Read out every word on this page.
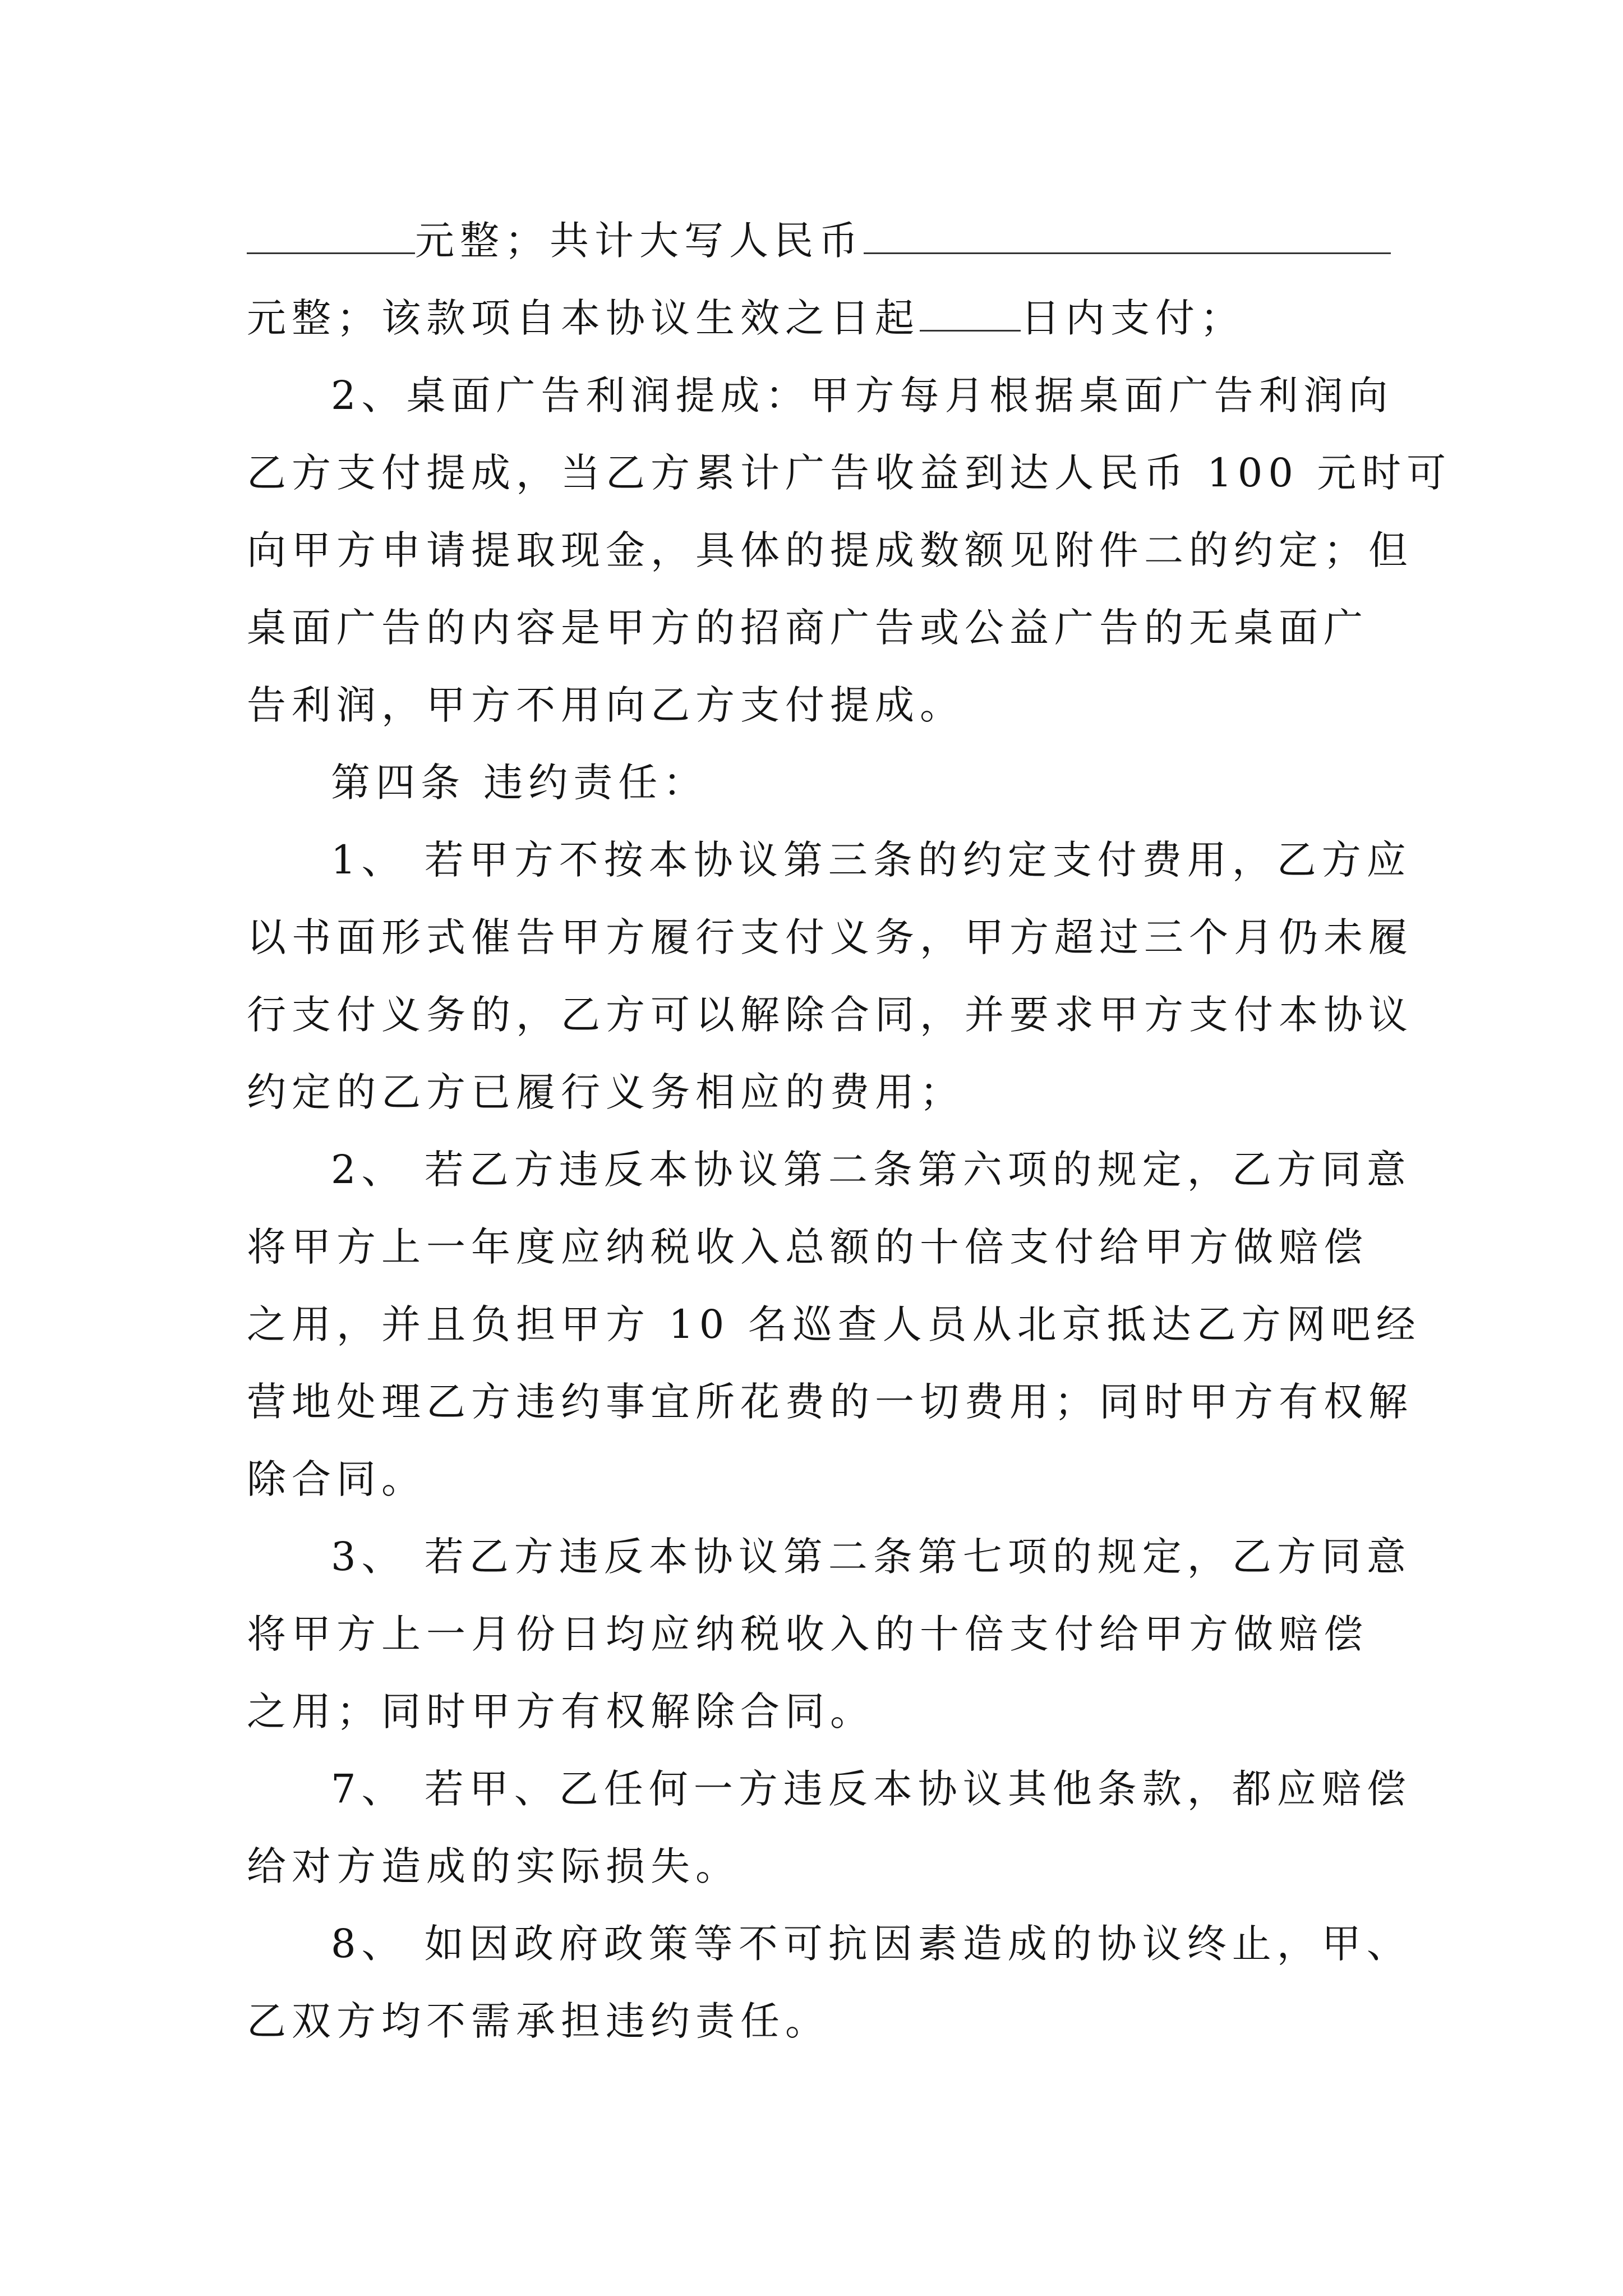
元整；共计大写人民币
元整；该款项自本协议生效之日起	日内支付；
2、桌面广告利润提成：甲方每月根据桌面广告利润向
乙方支付提成，当乙方累计广告收益到达人民币 100 元时可
向甲方申请提取现金，具体的提成数额见附件二的约定；但
桌面广告的内容是甲方的招商广告或公益广告的无桌面广
告利润，甲方不用向乙方支付提成。
第四条 违约责任：
1、 若甲方不按本协议第三条的约定支付费用，乙方应
以书面形式催告甲方履行支付义务，甲方超过三个月仍未履
行支付义务的，乙方可以解除合同，并要求甲方支付本协议
约定的乙方已履行义务相应的费用；
2、 若乙方违反本协议第二条第六项的规定，乙方同意
将甲方上一年度应纳税收入总额的十倍支付给甲方做赔偿
之用，并且负担甲方 10 名巡查人员从北京抵达乙方网吧经
营地处理乙方违约事宜所花费的一切费用；同时甲方有权解
除合同。
3、 若乙方违反本协议第二条第七项的规定，乙方同意
将甲方上一月份日均应纳税收入的十倍支付给甲方做赔偿
之用；同时甲方有权解除合同。
7、 若甲、乙任何一方违反本协议其他条款，都应赔偿
给对方造成的实际损失。
8、 如因政府政策等不可抗因素造成的协议终止，甲、
乙双方均不需承担违约责任。
